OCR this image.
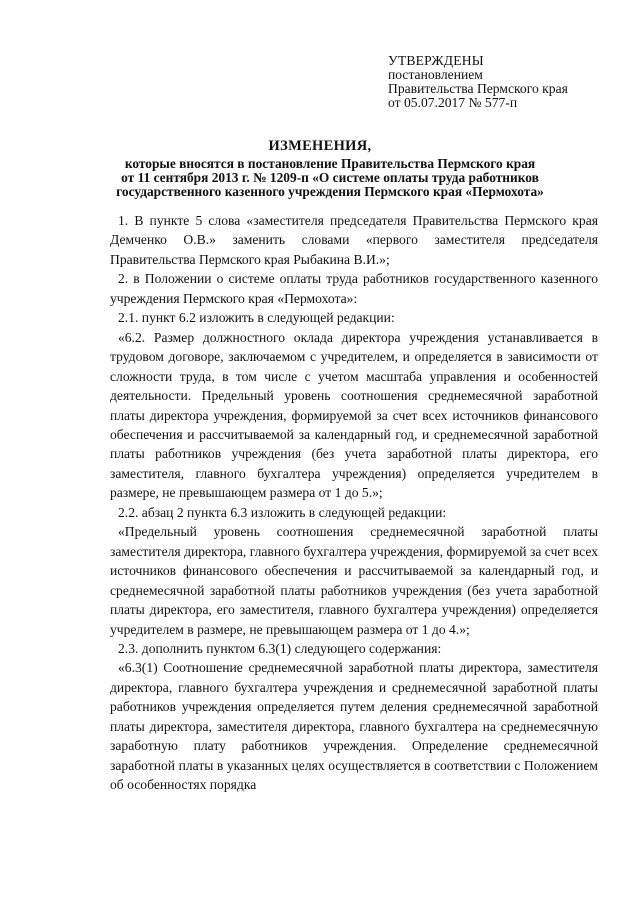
УТВЕРЖДЕНЫ
постановлением
Правительства Пермского края
от 05.07.2017 № 577-п
ИЗМЕНЕНИЯ,
которые вносятся в постановление Правительства Пермского края
от 11 сентября 2013 г. № 1209-п «О системе оплаты труда работников
государственного казенного учреждения Пермского края «Пермохота»

1. В пункте 5 слова «заместителя председателя Правительства Пермского края Демченко О.В.» заменить словами «первого заместителя председателя Правительства Пермского края Рыбакина В.И.»;

2. в Положении о системе оплаты труда работников государственного казенного учреждения Пермского края «Пермохота»:

2.1. пункт 6.2 изложить в следующей редакции:

«6.2. Размер должностного оклада директора учреждения устанавливается в трудовом договоре, заключаемом с учредителем, и определяется в зависимости от сложности труда, в том числе с учетом масштаба управления и особенностей деятельности. Предельный уровень соотношения среднемесячной заработной платы директора учреждения, формируемой за счет всех источников финансового обеспечения и рассчитываемой за календарный год, и среднемесячной заработной платы работников учреждения (без учета заработной платы директора, его заместителя, главного бухгалтера учреждения) определяется учредителем в размере, не превышающем размера от 1 до 5.»;

2.2. абзац 2 пункта 6.3 изложить в следующей редакции:

«Предельный уровень соотношения среднемесячной заработной платы заместителя директора, главного бухгалтера учреждения, формируемой за счет всех источников финансового обеспечения и рассчитываемой за календарный год, и среднемесячной заработной платы работников учреждения (без учета заработной платы директора, его заместителя, главного бухгалтера учреждения) определяется учредителем в размере, не превышающем размера от 1 до 4.»;

2.3. дополнить пунктом 6.3(1) следующего содержания:

«6.3(1) Соотношение среднемесячной заработной платы директора, заместителя директора, главного бухгалтера учреждения и среднемесячной заработной платы работников учреждения определяется путем деления среднемесячной заработной платы директора, заместителя директора, главного бухгалтера на среднемесячную заработную плату работников учреждения. Определение среднемесячной заработной платы в указанных целях осуществляется в соответствии с Положением об особенностях порядка
